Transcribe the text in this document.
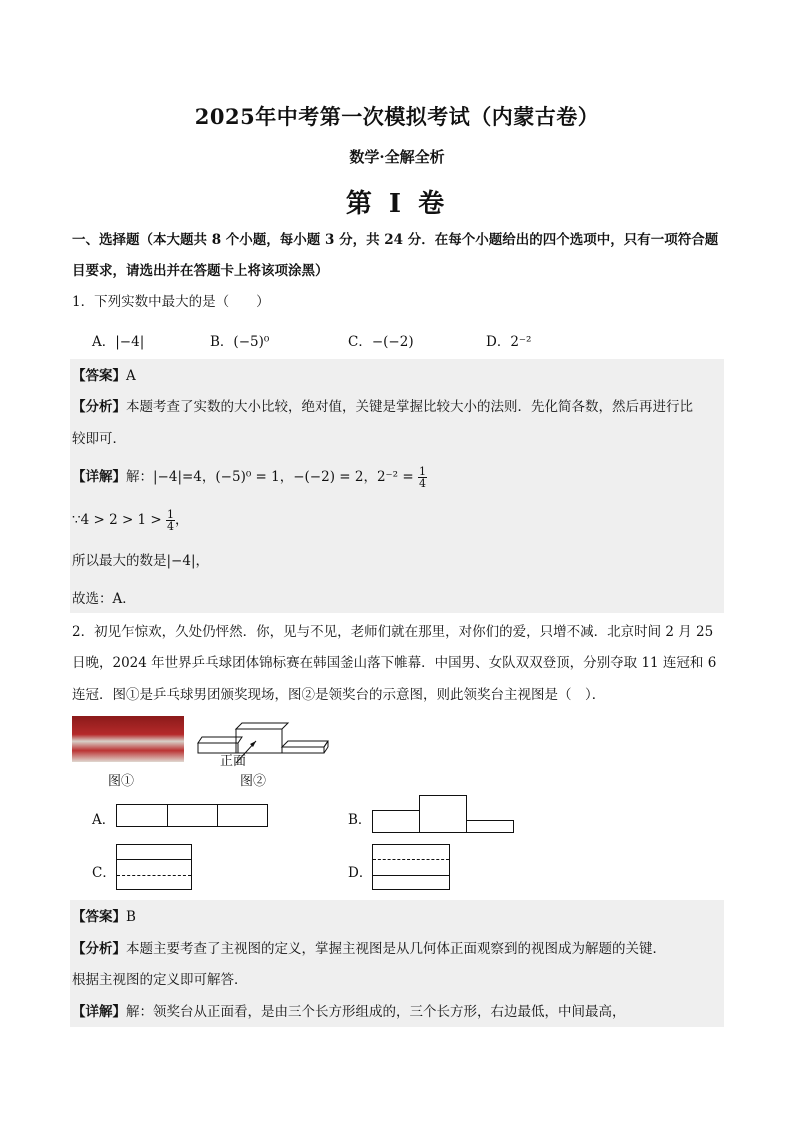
2025年中考第一次模拟考试（内蒙古卷）
数学·全解全析
第 I 卷
一、选择题（本大题共 8 个小题，每小题 3 分，共 24 分．在每个小题给出的四个选项中，只有一项符合题
目要求，请选出并在答题卡上将该项涂黑）
1．下列实数中最大的是（　　）
A．|−4|	B．(−5)⁰	C．−(−2)	D．2⁻²
【答案】A
【分析】本题考查了实数的大小比较，绝对值，关键是掌握比较大小的法则．先化简各数，然后再进行比
较即可．
【详解】解：|−4|=4，(−5)⁰ = 1，−(−2) = 2，$2^{-2} = \frac{1}{4}$
∵4 > $2 > 1 > \frac{1}{4}$ ，
所以最大的数是|−4|，
故选：A．
2．初见乍惊欢，久处仍怦然．你，见与不见，老师们就在那里，对你们的爱，只增不减．北京时间 2 月 25
日晚，2024 年世界乒乓球团体锦标赛在韩国釜山落下帷幕．中国男、女队双双登顶，分别夺取 11 连冠和 6
连冠．图①是乒乓球男团颁奖现场，图②是领奖台的示意图，则此领奖台主视图是（　）．
正面
图①	图②
A．	B．
C．	D．
【答案】B
【分析】本题主要考查了主视图的定义，掌握主视图是从几何体正面观察到的视图成为解题的关键．
根据主视图的定义即可解答．
【详解】解：领奖台从正面看，是由三个长方形组成的，三个长方形，右边最低，中间最高，
